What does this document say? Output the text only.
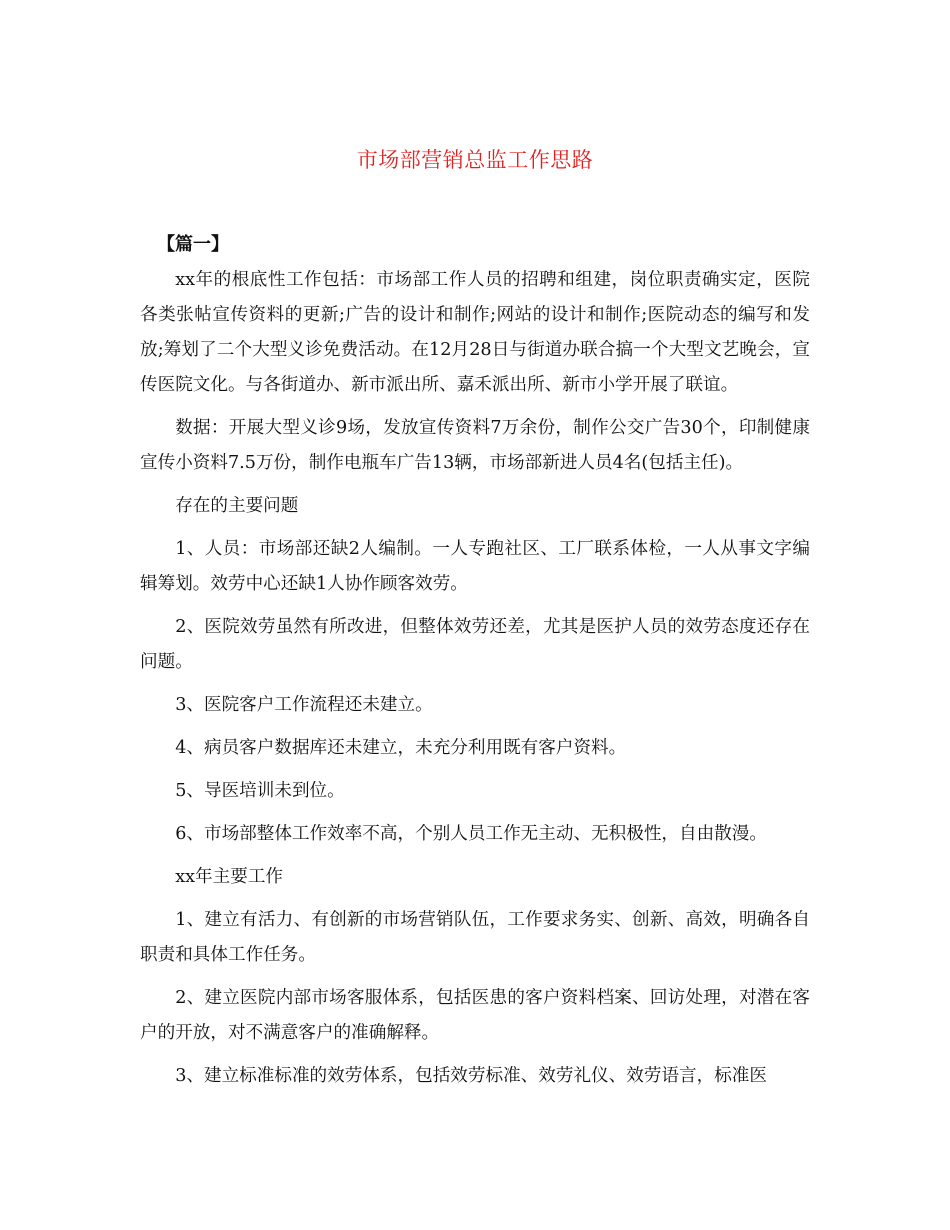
市场部营销总监工作思路
【篇一】

xx年的根底性工作包括：市场部工作人员的招聘和组建，岗位职责确实定，医院各类张帖宣传资料的更新;广告的设计和制作;网站的设计和制作;医院动态的编写和发放;筹划了二个大型义诊免费活动。在12月28日与街道办联合搞一个大型文艺晚会，宣传医院文化。与各街道办、新市派出所、嘉禾派出所、新市小学开展了联谊。

数据：开展大型义诊9场，发放宣传资料7万余份，制作公交广告30个，印制健康宣传小资料7.5万份，制作电瓶车广告13辆，市场部新进人员4名(包括主任)。

存在的主要问题

1、人员：市场部还缺2人编制。一人专跑社区、工厂联系体检，一人从事文字编辑筹划。效劳中心还缺1人协作顾客效劳。

2、医院效劳虽然有所改进，但整体效劳还差，尤其是医护人员的效劳态度还存在问题。

3、医院客户工作流程还未建立。

4、病员客户数据库还未建立，未充分利用既有客户资料。

5、导医培训未到位。

6、市场部整体工作效率不高，个别人员工作无主动、无积极性，自由散漫。

xx年主要工作

1、建立有活力、有创新的市场营销队伍，工作要求务实、创新、高效，明确各自职责和具体工作任务。

2、建立医院内部市场客服体系，包括医患的客户资料档案、回访处理，对潜在客户的开放，对不满意客户的准确解释。

3、建立标准标准的效劳体系，包括效劳标准、效劳礼仪、效劳语言，标准医
